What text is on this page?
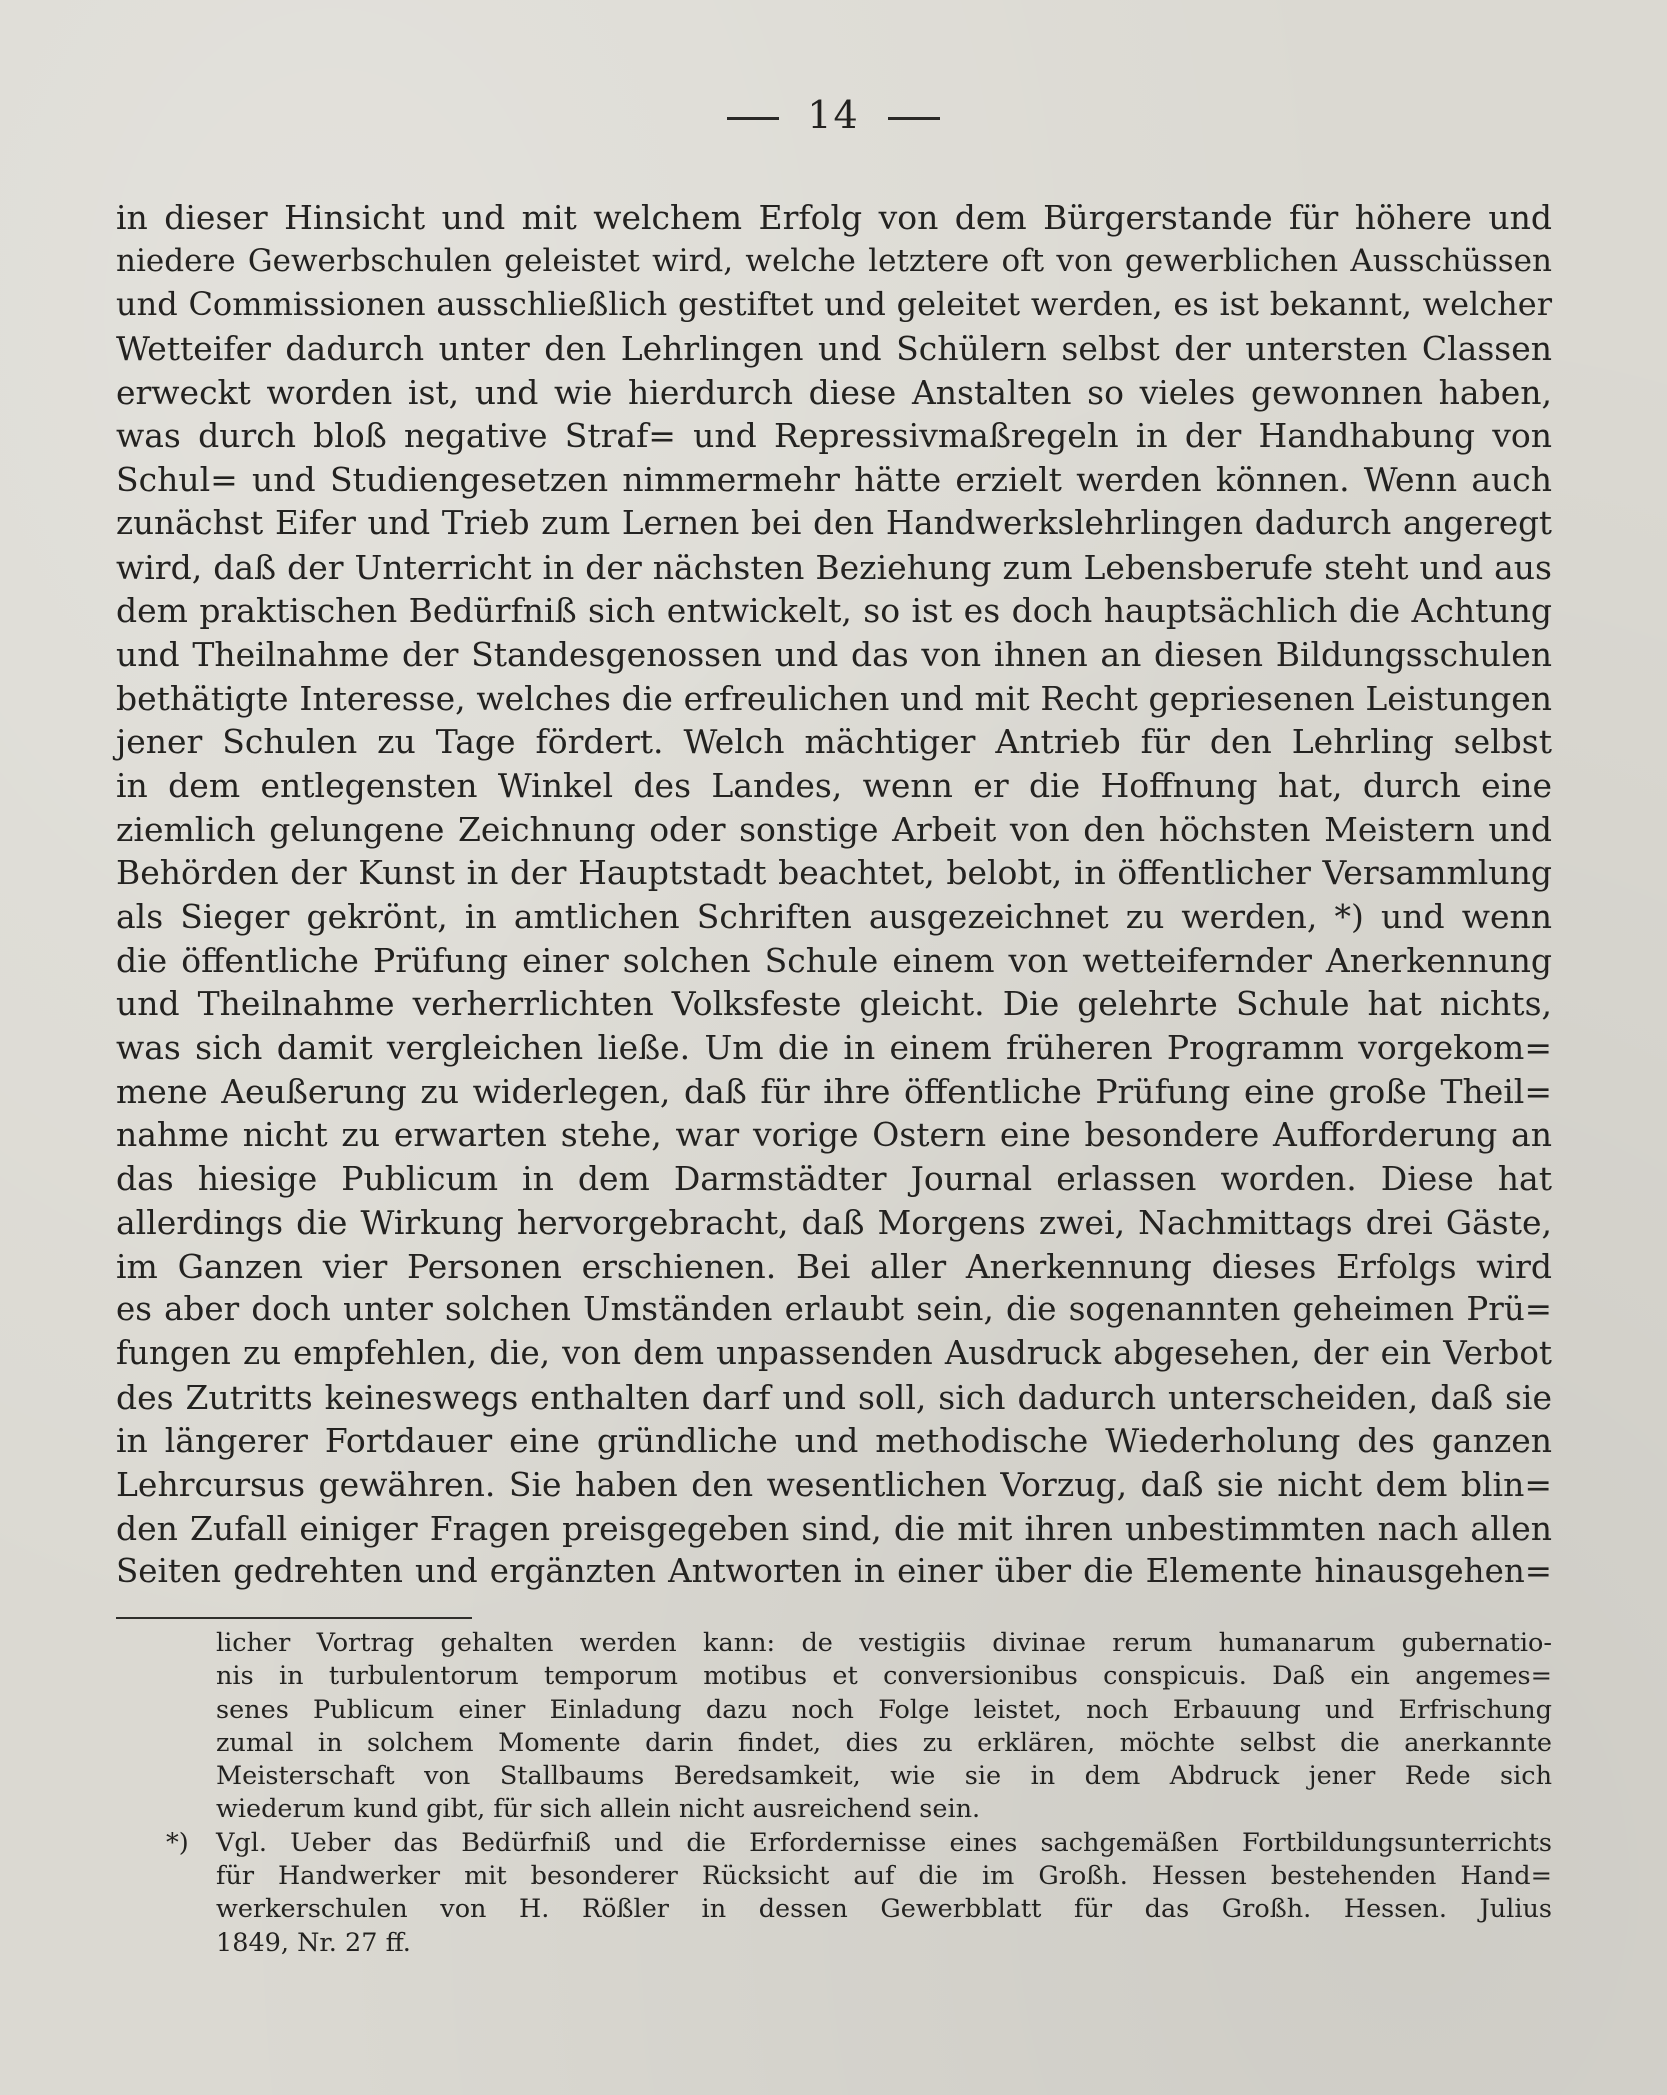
14
in dieser Hinsicht und mit welchem Erfolg von dem Bürgerstande für höhere und
niedere Gewerbschulen geleistet wird, welche letztere oft von gewerblichen Ausschüssen
und Commissionen ausschließlich gestiftet und geleitet werden, es ist bekannt, welcher
Wetteifer dadurch unter den Lehrlingen und Schülern selbst der untersten Classen
erweckt worden ist, und wie hierdurch diese Anstalten so vieles gewonnen haben,
was durch bloß negative Straf= und Repressivmaßregeln in der Handhabung von
Schul= und Studiengesetzen nimmermehr hätte erzielt werden können. Wenn auch
zunächst Eifer und Trieb zum Lernen bei den Handwerkslehrlingen dadurch angeregt
wird, daß der Unterricht in der nächsten Beziehung zum Lebensberufe steht und aus
dem praktischen Bedürfniß sich entwickelt, so ist es doch hauptsächlich die Achtung
und Theilnahme der Standesgenossen und das von ihnen an diesen Bildungsschulen
bethätigte Interesse, welches die erfreulichen und mit Recht gepriesenen Leistungen
jener Schulen zu Tage fördert. Welch mächtiger Antrieb für den Lehrling selbst
in dem entlegensten Winkel des Landes, wenn er die Hoffnung hat, durch eine
ziemlich gelungene Zeichnung oder sonstige Arbeit von den höchsten Meistern und
Behörden der Kunst in der Hauptstadt beachtet, belobt, in öffentlicher Versammlung
als Sieger gekrönt, in amtlichen Schriften ausgezeichnet zu werden, *) und wenn
die öffentliche Prüfung einer solchen Schule einem von wetteifernder Anerkennung
und Theilnahme verherrlichten Volksfeste gleicht. Die gelehrte Schule hat nichts,
was sich damit vergleichen ließe. Um die in einem früheren Programm vorgekom=
mene Aeußerung zu widerlegen, daß für ihre öffentliche Prüfung eine große Theil=
nahme nicht zu erwarten stehe, war vorige Ostern eine besondere Aufforderung an
das hiesige Publicum in dem Darmstädter Journal erlassen worden. Diese hat
allerdings die Wirkung hervorgebracht, daß Morgens zwei, Nachmittags drei Gäste,
im Ganzen vier Personen erschienen. Bei aller Anerkennung dieses Erfolgs wird
es aber doch unter solchen Umständen erlaubt sein, die sogenannten geheimen Prü=
fungen zu empfehlen, die, von dem unpassenden Ausdruck abgesehen, der ein Verbot
des Zutritts keineswegs enthalten darf und soll, sich dadurch unterscheiden, daß sie
in längerer Fortdauer eine gründliche und methodische Wiederholung des ganzen
Lehrcursus gewähren. Sie haben den wesentlichen Vorzug, daß sie nicht dem blin=
den Zufall einiger Fragen preisgegeben sind, die mit ihren unbestimmten nach allen
Seiten gedrehten und ergänzten Antworten in einer über die Elemente hinausgehen=
licher Vortrag gehalten werden kann: de vestigiis divinae rerum humanarum gubernatio-
nis in turbulentorum temporum motibus et conversionibus conspicuis. Daß ein angemes=
senes Publicum einer Einladung dazu noch Folge leistet, noch Erbauung und Erfrischung
zumal in solchem Momente darin findet, dies zu erklären, möchte selbst die anerkannte
Meisterschaft von Stallbaums Beredsamkeit, wie sie in dem Abdruck jener Rede sich
wiederum kund gibt, für sich allein nicht ausreichend sein.
*)	Vgl. Ueber das Bedürfniß und die Erfordernisse eines sachgemäßen Fortbildungsunterrichts
für Handwerker mit besonderer Rücksicht auf die im Großh. Hessen bestehenden Hand=
werkerschulen von H. Rößler in dessen Gewerbblatt für das Großh. Hessen. Julius
1849, Nr. 27 ff.
